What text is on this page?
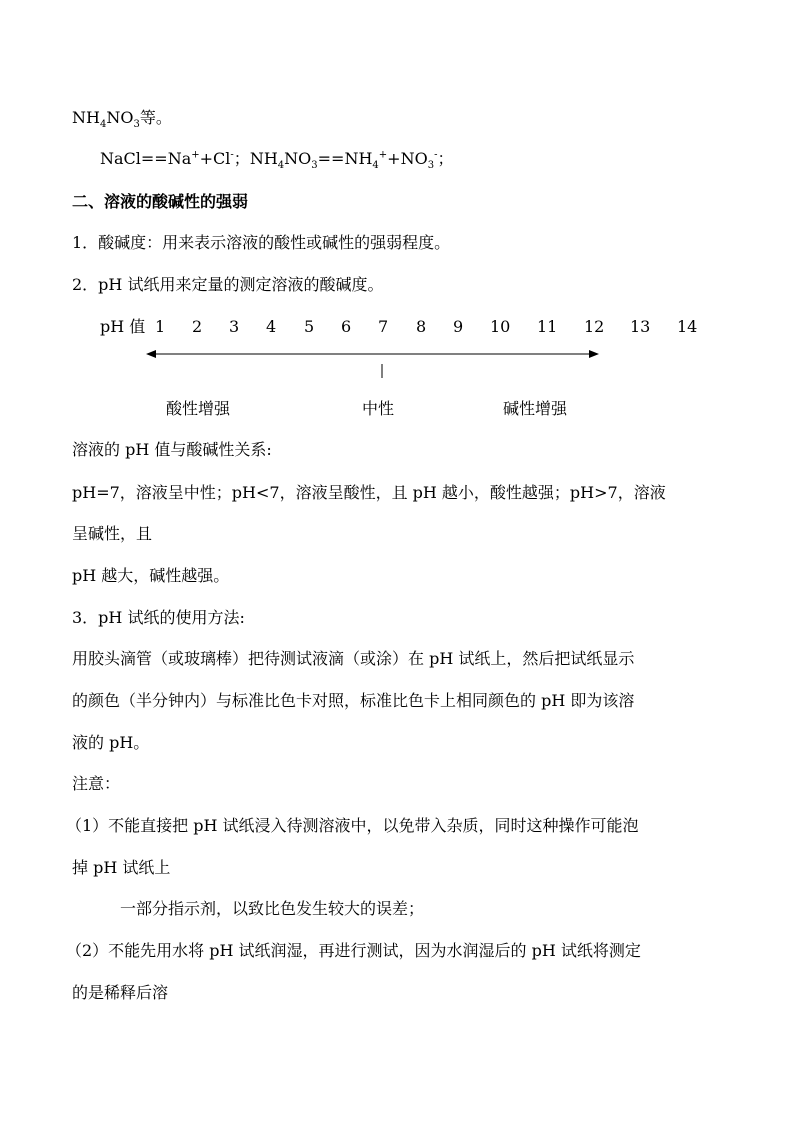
$NH_4NO_3$等。
NaCl==Na++Cl-；$NH_4NO_3==NH_4^++NO_3^-$；
二、溶液的酸碱性的强弱
1．酸碱度：用来表示溶液的酸性或碱性的强弱程度。
2．pH 试纸用来定量的测定溶液的酸碱度。
pH 值 1 2 3 4 5 6 7 8 9 10 11 12 13 14
酸性增强	中性	碱性增强
溶液的 pH 值与酸碱性关系:
pH=7，溶液呈中性；pH<7，溶液呈酸性，且 pH 越小，酸性越强；pH>7，溶液
呈碱性，且
pH 越大，碱性越强。
3．pH 试纸的使用方法:
用胶头滴管（或玻璃棒）把待测试液滴（或涂）在 pH 试纸上，然后把试纸显示
的颜色（半分钟内）与标准比色卡对照，标准比色卡上相同颜色的 pH 即为该溶
液的 pH。
注意：
（1）不能直接把 pH 试纸浸入待测溶液中，以免带入杂质，同时这种操作可能泡
掉 pH 试纸上
一部分指示剂，以致比色发生较大的误差；
（2）不能先用水将 pH 试纸润湿，再进行测试，因为水润湿后的 pH 试纸将测定
的是稀释后溶
